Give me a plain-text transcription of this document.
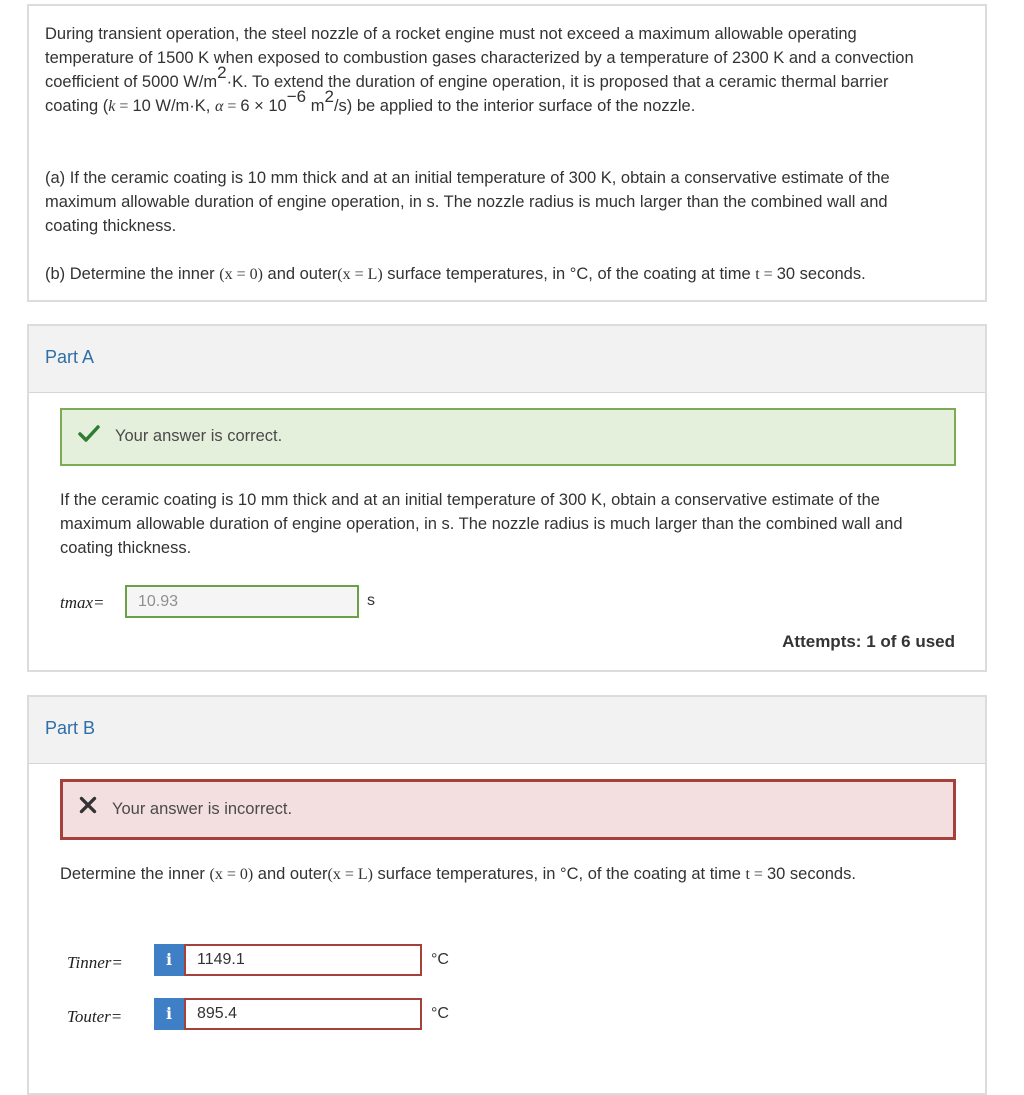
During transient operation, the steel nozzle of a rocket engine must not exceed a maximum allowable operating

temperature of 1500 K when exposed to combustion gases characterized by a temperature of 2300 K and a convection

coefficient of 5000 W/m2·K. To extend the duration of engine operation, it is proposed that a ceramic thermal barrier

coating (k = 10 W/m·K, α = 6 × 10−6 m2/s) be applied to the interior surface of the nozzle.

(a) If the ceramic coating is 10 mm thick and at an initial temperature of 300 K, obtain a conservative estimate of the

maximum allowable duration of engine operation, in s. The nozzle radius is much larger than the combined wall and

coating thickness.

(b) Determine the inner (x = 0) and outer(x = L) surface temperatures, in °C, of the coating at time t = 30 seconds.

Part A
Your answer is correct.

If the ceramic coating is 10 mm thick and at an initial temperature of 300 K, obtain a conservative estimate of the

maximum allowable duration of engine operation, in s. The nozzle radius is much larger than the combined wall and

coating thickness.

tmax=	10.93	s
Attempts: 1 of 6 used
Part B
Your answer is incorrect.

Determine the inner (x = 0) and outer(x = L) surface temperatures, in °C, of the coating at time t = 30 seconds.

Tinner=	i	1149.1	°C
Touter=	i	895.4	°C
